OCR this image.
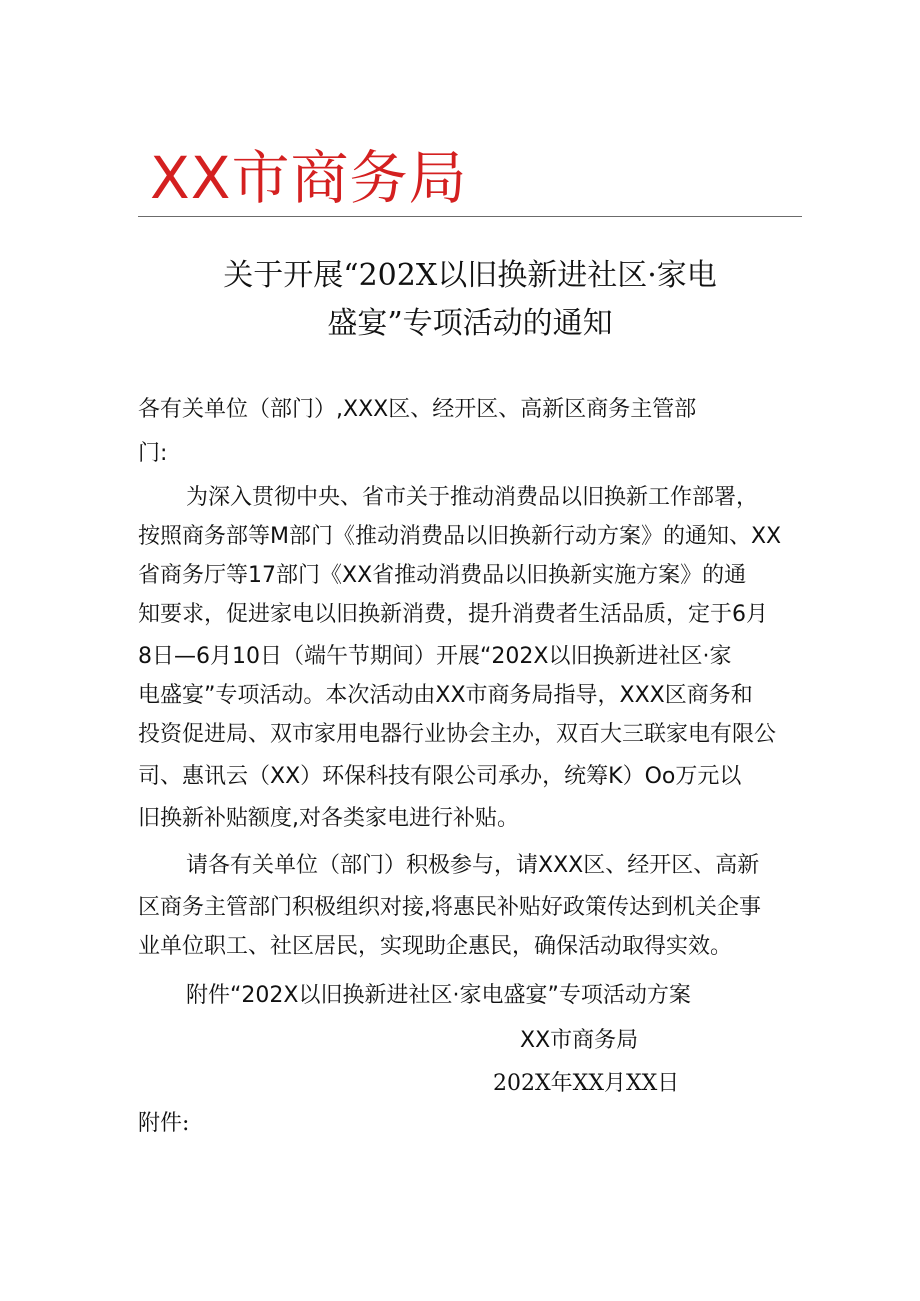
XX市商务局
关于开展“202X以旧换新进社区·家电
盛宴”专项活动的通知
各有关单位（部门）,XXX区、经开区、高新区商务主管部
门:
为深入贯彻中央、省市关于推动消费品以旧换新工作部署，
按照商务部等M部门《推动消费品以旧换新行动方案》的通知、XX
省商务厅等17部门《XX省推动消费品以旧换新实施方案》的通
知要求，促进家电以旧换新消费，提升消费者生活品质，定于6月
8日—6月10日（端午节期间）开展“202X以旧换新进社区·家
电盛宴”专项活动。本次活动由XX市商务局指导，XXX区商务和
投资促进局、双市家用电器行业协会主办，双百大三联家电有限公
司、惠讯云（XX）环保科技有限公司承办，统筹K）Oo万元以
旧换新补贴额度,对各类家电进行补贴。
请各有关单位（部门）积极参与，请XXX区、经开区、高新
区商务主管部门积极组织对接,将惠民补贴好政策传达到机关企事
业单位职工、社区居民，实现助企惠民，确保活动取得实效。
附件“202X以旧换新进社区·家电盛宴”专项活动方案
XX市商务局
202X年XX月XX日
附件:
